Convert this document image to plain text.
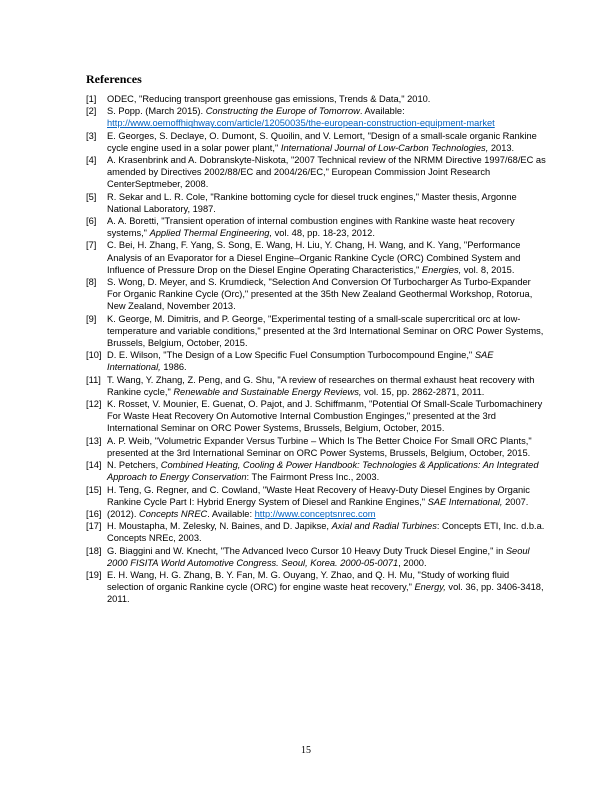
References

[1] ODEC, "Reducing transport greenhouse gas emissions, Trends & Data," 2010.

[2] S. Popp. (March 2015). Constructing the Europe of Tomorrow. Available: http://www.oemoffhighway.com/article/12050035/the-european-construction-equipment-market

[3] E. Georges, S. Declaye, O. Dumont, S. Quoilin, and V. Lemort, "Design of a small-scale organic Rankine cycle engine used in a solar power plant," International Journal of Low-Carbon Technologies, 2013.

[4] A. Krasenbrink and A. Dobranskyte-Niskota, "2007 Technical review of the NRMM Directive 1997/68/EC as amended by Directives 2002/88/EC and 2004/26/EC," European Commission Joint Research CenterSeptmeber, 2008.

[5] R. Sekar and L. R. Cole, "Rankine bottoming cycle for diesel truck engines," Master thesis, Argonne National Laboratory, 1987.

[6] A. A. Boretti, "Transient operation of internal combustion engines with Rankine waste heat recovery systems," Applied Thermal Engineering, vol. 48, pp. 18-23, 2012.

[7] C. Bei, H. Zhang, F. Yang, S. Song, E. Wang, H. Liu, Y. Chang, H. Wang, and K. Yang, "Performance Analysis of an Evaporator for a Diesel Engine–Organic Rankine Cycle (ORC) Combined System and Influence of Pressure Drop on the Diesel Engine Operating Characteristics," Energies, vol. 8, 2015.

[8] S. Wong, D. Meyer, and S. Krumdieck, "Selection And Conversion Of Turbocharger As Turbo-Expander For Organic Rankine Cycle (Orc)," presented at the 35th New Zealand Geothermal Workshop, Rotorua, New Zealand, November 2013.

[9] K. George, M. Dimitris, and P. George, "Experimental testing of a small-scale supercritical orc at low-temperature and variable conditions," presented at the 3rd International Seminar on ORC Power Systems, Brussels, Belgium, October, 2015.

[10] D. E. Wilson, "The Design of a Low Specific Fuel Consumption Turbocompound Engine," SAE International, 1986.

[11] T. Wang, Y. Zhang, Z. Peng, and G. Shu, "A review of researches on thermal exhaust heat recovery with Rankine cycle," Renewable and Sustainable Energy Reviews, vol. 15, pp. 2862-2871, 2011.

[12] K. Rosset, V. Mounier, E. Guenat, O. Pajot, and J. Schiffmanm, "Potential Of Small-Scale Turbomachinery For Waste Heat Recovery On Automotive Internal Combustion Enginges," presented at the 3rd International Seminar on ORC Power Systems, Brussels, Belgium, October, 2015.

[13] A. P. Weib, "Volumetric Expander Versus Turbine – Which Is The Better Choice For Small ORC Plants," presented at the 3rd International Seminar on ORC Power Systems, Brussels, Belgium, October, 2015.

[14] N. Petchers, Combined Heating, Cooling & Power Handbook: Technologies & Applications: An Integrated Approach to Energy Conservation: The Fairmont Press Inc., 2003.

[15] H. Teng, G. Regner, and C. Cowland, "Waste Heat Recovery of Heavy-Duty Diesel Engines by Organic Rankine Cycle Part I: Hybrid Energy System of Diesel and Rankine Engines," SAE International, 2007.

[16] (2012). Concepts NREC. Available: http://www.conceptsnrec.com

[17] H. Moustapha, M. Zelesky, N. Baines, and D. Japikse, Axial and Radial Turbines: Concepts ETI, Inc. d.b.a. Concepts NREc, 2003.

[18] G. Biaggini and W. Knecht, "The Advanced Iveco Cursor 10 Heavy Duty Truck Diesel Engine," in Seoul 2000 FISITA World Automotive Congress. Seoul, Korea. 2000-05-0071, 2000.

[19] E. H. Wang, H. G. Zhang, B. Y. Fan, M. G. Ouyang, Y. Zhao, and Q. H. Mu, "Study of working fluid selection of organic Rankine cycle (ORC) for engine waste heat recovery," Energy, vol. 36, pp. 3406-3418, 2011.

15
